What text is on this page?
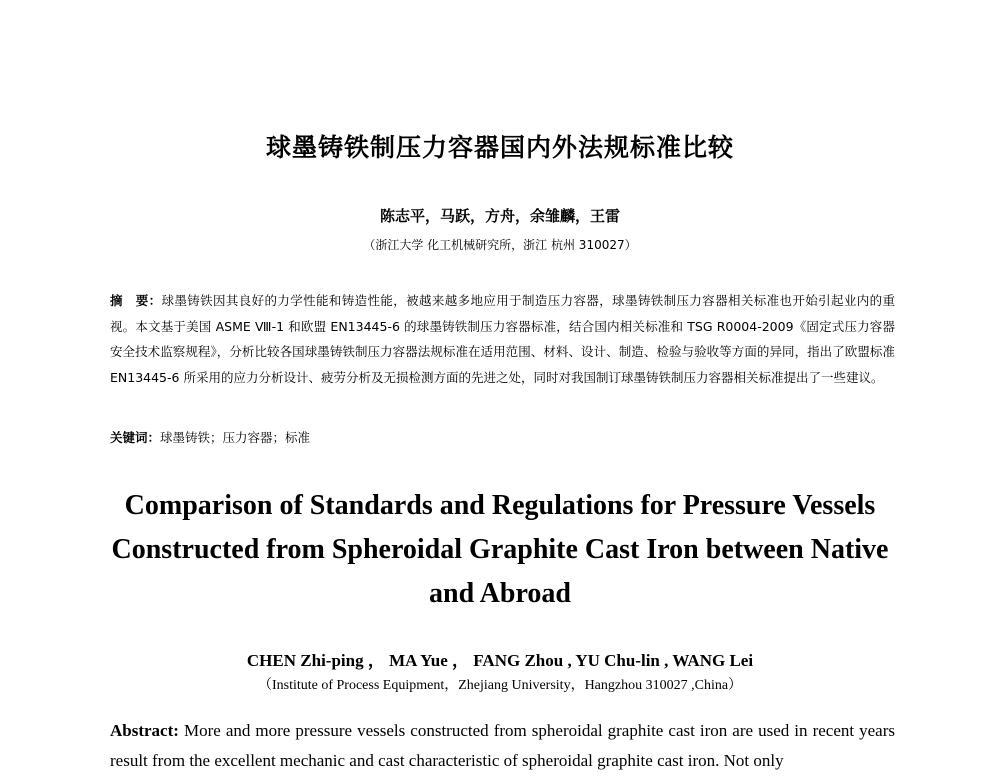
球墨铸铁制压力容器国内外法规标准比较
陈志平，马跃，方舟，余雏麟，王雷
（浙江大学 化工机械研究所，浙江 杭州 310027）
摘　要：球墨铸铁因其良好的力学性能和铸造性能，被越来越多地应用于制造压力容器，球墨铸铁制压力容器相关标准也开始引起业内的重视。本文基于美国 ASME Ⅷ-1 和欧盟 EN13445-6 的球墨铸铁制压力容器标准，结合国内相关标准和 TSG R0004-2009《固定式压力容器安全技术监察规程》，分析比较各国球墨铸铁制压力容器法规标准在适用范围、材料、设计、制造、检验与验收等方面的异同，指出了欧盟标准 EN13445-6 所采用的应力分析设计、疲劳分析及无损检测方面的先进之处，同时对我国制订球墨铸铁制压力容器相关标准提出了一些建议。
关键词：球墨铸铁；压力容器；标准
Comparison of Standards and Regulations for Pressure Vessels
Constructed from Spheroidal Graphite Cast Iron between Native
and Abroad
CHEN Zhi-ping ， MA Yue ， FANG Zhou , YU Chu-lin , WANG Lei
（Institute of Process Equipment，Zhejiang University，Hangzhou 310027 ,China）
Abstract: More and more pressure vessels constructed from spheroidal graphite cast iron are used in recent years result from the excellent mechanic and cast characteristic of spheroidal graphite cast iron. Not only
